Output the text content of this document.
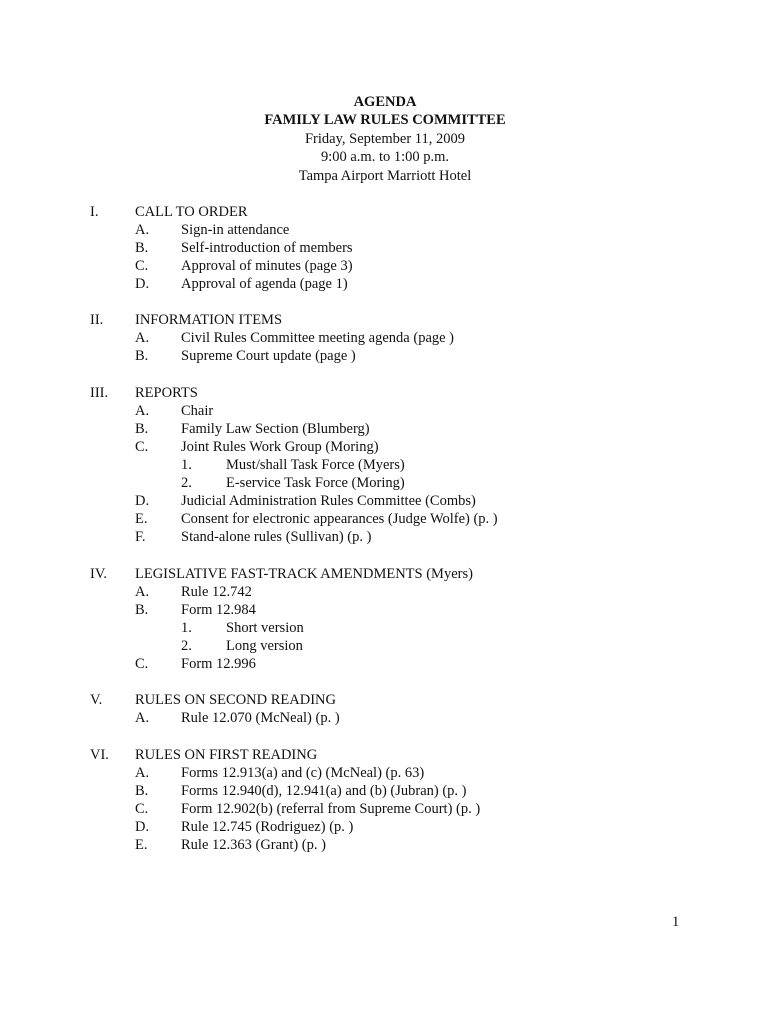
AGENDA
FAMILY LAW RULES COMMITTEE
Friday, September 11, 2009
9:00 a.m. to 1:00 p.m.
Tampa Airport Marriott Hotel
I.	CALL TO ORDER
A. Sign-in attendance
B. Self-introduction of members
C. Approval of minutes (page 3)
D. Approval of agenda (page 1)
II. INFORMATION ITEMS
A. Civil Rules Committee meeting agenda (page )
B. Supreme Court update (page )
III. REPORTS
A. Chair
B. Family Law Section (Blumberg)
C. Joint Rules Work Group (Moring)
1. Must/shall Task Force (Myers)
2. E-service Task Force (Moring)
D. Judicial Administration Rules Committee (Combs)
E. Consent for electronic appearances (Judge Wolfe) (p. )
F. Stand-alone rules (Sullivan) (p. )
IV. LEGISLATIVE FAST-TRACK AMENDMENTS (Myers)
A. Rule 12.742
B. Form 12.984
1. Short version
2. Long version
C. Form 12.996
V. RULES ON SECOND READING
A. Rule 12.070 (McNeal) (p. )
VI. RULES ON FIRST READING
A. Forms 12.913(a) and (c) (McNeal) (p. 63)
B. Forms 12.940(d), 12.941(a) and (b) (Jubran) (p. )
C. Form 12.902(b) (referral from Supreme Court) (p. )
D. Rule 12.745 (Rodriguez) (p. )
E. Rule 12.363 (Grant) (p. )
1
